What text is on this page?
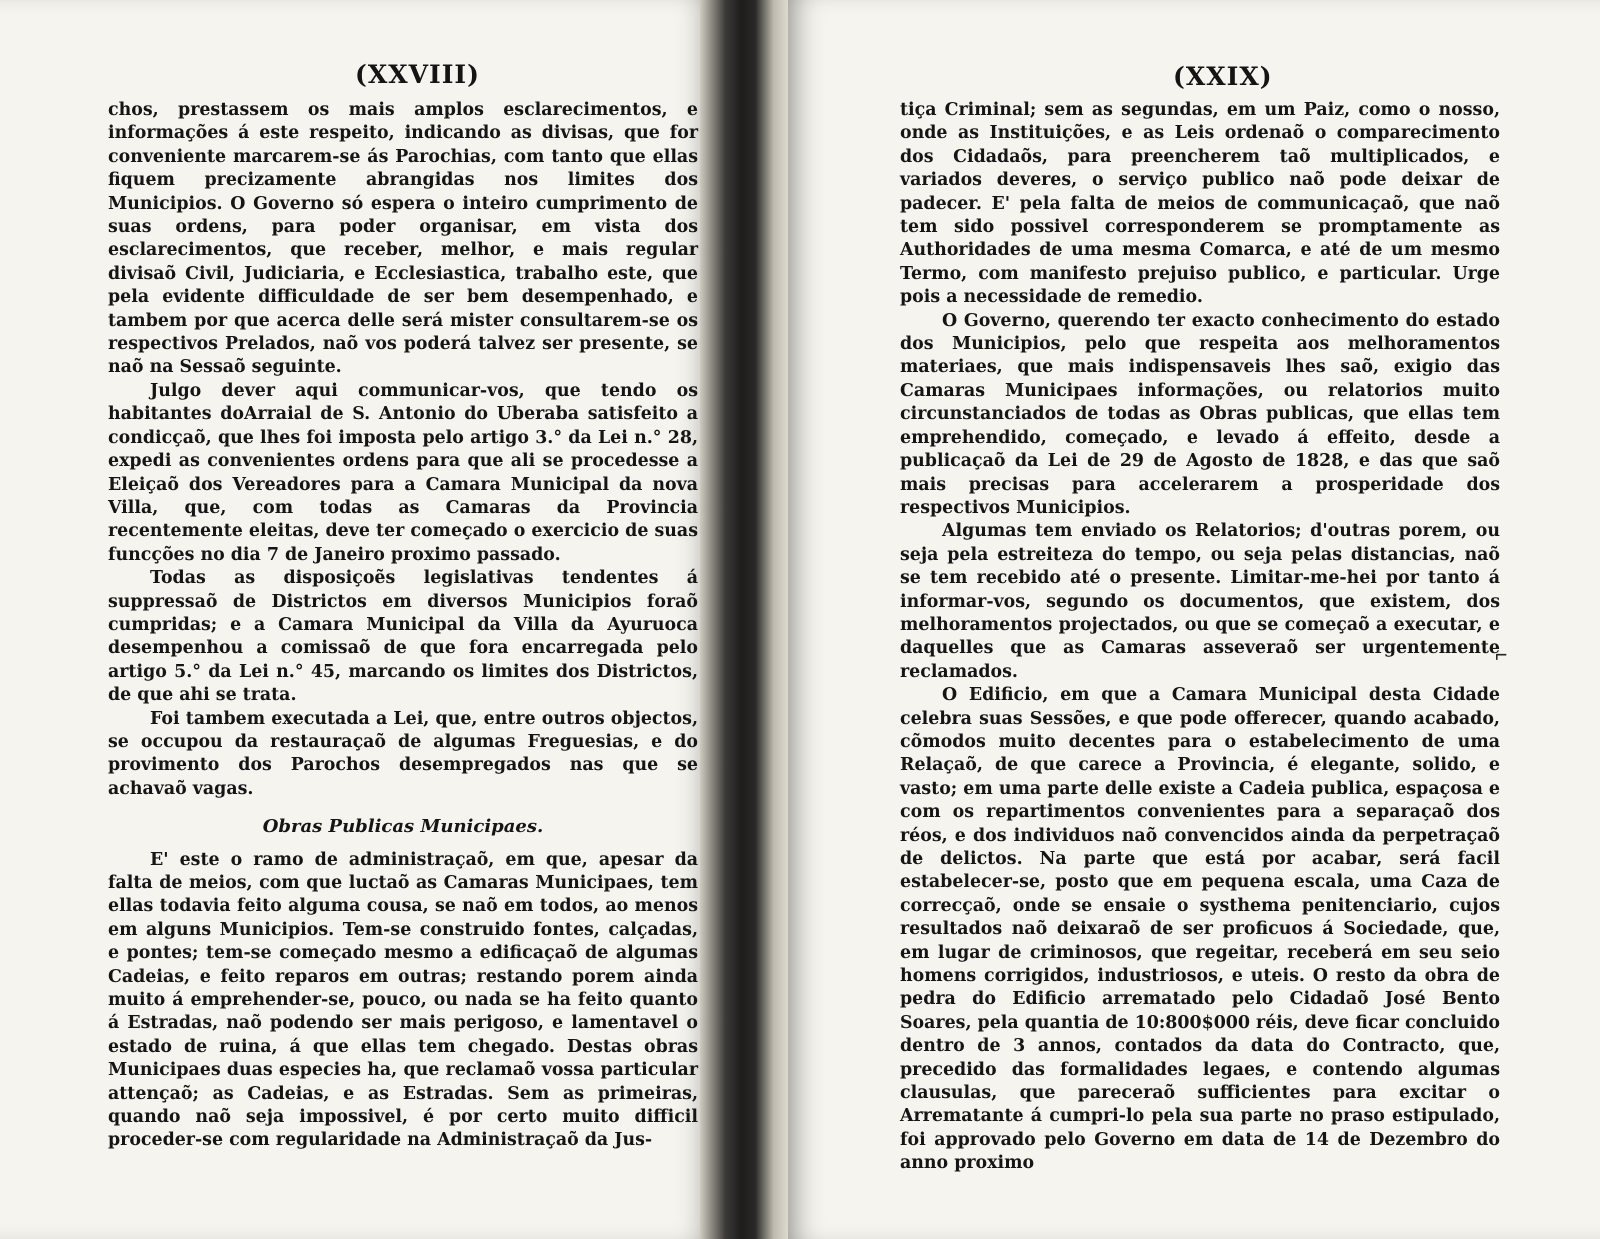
(XXVIII)

chos, prestassem os mais amplos esclarecimentos, e informações á este respeito, indicando as divisas, que for conveniente marcarem-se ás Parochias, com tanto que ellas fiquem precizamente abrangidas nos limites dos Municipios. O Governo só espera o inteiro cumprimento de suas ordens, para poder organisar, em vista dos esclarecimentos, que receber, melhor, e mais regular divisaõ Civil, Judiciaria, e Ecclesiastica, trabalho este, que pela evidente difficuldade de ser bem desempenhado, e tambem por que acerca delle será mister consultarem-se os respectivos Prelados, naõ vos poderá talvez ser presente, se naõ na Sessaõ seguinte.

Julgo dever aqui communicar-vos, que tendo os habitantes doArraial de S. Antonio do Uberaba satisfeito a condicçaõ, que lhes foi imposta pelo artigo 3.° da Lei n.° 28, expedi as convenientes ordens para que ali se procedesse a Eleiçaõ dos Vereadores para a Camara Municipal da nova Villa, que, com todas as Camaras da Provincia recentemente eleitas, deve ter começado o exercicio de suas funcções no dia 7 de Janeiro proximo passado.

Todas as disposiçoẽs legislativas tendentes á suppressaõ de Districtos em diversos Municipios foraõ cumpridas; e a Camara Municipal da Villa da Ayuruoca desempenhou a comissaõ de que fora encarregada pelo artigo 5.° da Lei n.° 45, marcando os limites dos Districtos, de que ahi se trata.

Foi tambem executada a Lei, que, entre outros objectos, se occupou da restauraçaõ de algumas Freguesias, e do provimento dos Parochos desempregados nas que se achavaõ vagas.

Obras Publicas Municipaes.

E' este o ramo de administraçaõ, em que, apesar da falta de meios, com que luctaõ as Camaras Municipaes, tem ellas todavia feito alguma cousa, se naõ em todos, ao menos em alguns Municipios. Tem-se construido fontes, calçadas, e pontes; tem-se começado mesmo a edificaçaõ de algumas Cadeias, e feito reparos em outras; restando porem ainda muito á emprehender-se, pouco, ou nada se ha feito quanto á Estradas, naõ podendo ser mais perigoso, e lamentavel o estado de ruina, á que ellas tem chegado. Destas obras Municipaes duas especies ha, que reclamaõ vossa particular attençaõ; as Cadeias, e as Estradas. Sem as primeiras, quando naõ seja impossivel, é por certo muito difficil proceder-se com regularidade na Administraçaõ da Jus-

(XXIX)

tiça Criminal; sem as segundas, em um Paiz, como o nosso, onde as Instituições, e as Leis ordenaõ o comparecimento dos Cidadaõs, para preencherem taõ multiplicados, e variados deveres, o serviço publico naõ pode deixar de padecer. E' pela falta de meios de communicaçaõ, que naõ tem sido possivel corresponderem se promptamente as Authoridades de uma mesma Comarca, e até de um mesmo Termo, com manifesto prejuiso publico, e particular. Urge pois a necessidade de remedio.

O Governo, querendo ter exacto conhecimento do estado dos Municipios, pelo que respeita aos melhoramentos materiaes, que mais indispensaveis lhes saõ, exigio das Camaras Municipaes informações, ou relatorios muito circunstanciados de todas as Obras publicas, que ellas tem emprehendido, começado, e levado á effeito, desde a publicaçaõ da Lei de 29 de Agosto de 1828, e das que saõ mais precisas para accelerarem a prosperidade dos respectivos Municipios.

Algumas tem enviado os Relatorios; d'outras porem, ou seja pela estreiteza do tempo, ou seja pelas distancias, naõ se tem recebido até o presente. Limitar-me-hei por tanto á informar-vos, segundo os documentos, que existem, dos melhoramentos projectados, ou que se começaõ a executar, e daquelles que as Camaras asseveraõ ser urgentemente reclamados.

O Edificio, em que a Camara Municipal desta Cidade celebra suas Sessões, e que pode offerecer, quando acabado, cõmodos muito decentes para o estabelecimento de uma Relaçaõ, de que carece a Provincia, é elegante, solido, e vasto; em uma parte delle existe a Cadeia publica, espaçosa e com os repartimentos convenientes para a separaçaõ dos réos, e dos individuos naõ convencidos ainda da perpetraçaõ de delictos. Na parte que está por acabar, será facil estabelecer-se, posto que em pequena escala, uma Caza de correcçaõ, onde se ensaie o systhema penitenciario, cujos resultados naõ deixaraõ de ser proficuos á Sociedade, que, em lugar de criminosos, que regeitar, receberá em seu seio homens corrigidos, industriosos, e uteis. O resto da obra de pedra do Edificio arrematado pelo Cidadaõ José Bento Soares, pela quantia de 10:800$000 réis, deve ficar concluido dentro de 3 annos, contados da data do Contracto, que, precedido das formalidades legaes, e contendo algumas clausulas, que pareceraõ sufficientes para excitar o Arrematante á cumpri-lo pela sua parte no praso estipulado, foi approvado pelo Governo em data de 14 de Dezembro do anno proximo

⌐
